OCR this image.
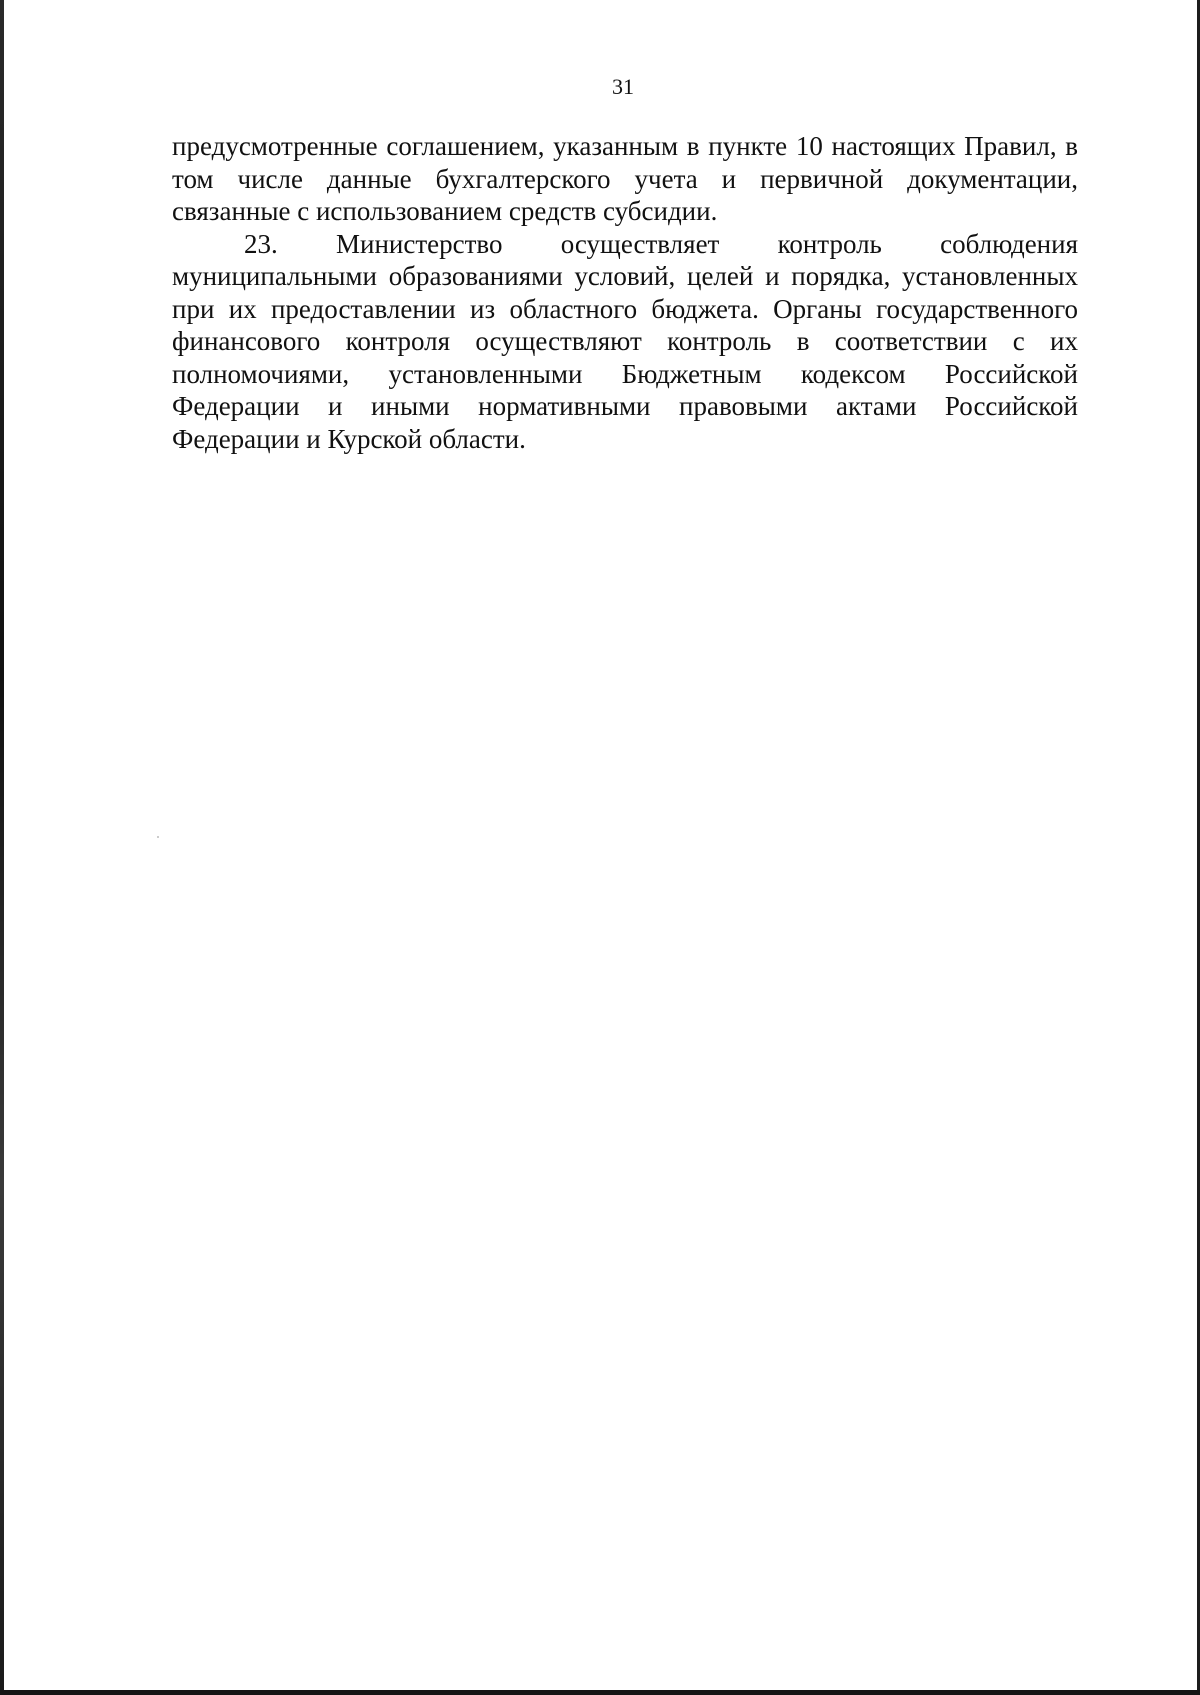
31

предусмотренные соглашением, указанным в пункте 10 настоящих Правил, в том числе данные бухгалтерского учета и первичной документации, связанные с использованием средств субсидии.

23. Министерство осуществляет контроль соблюдения муниципальными образованиями условий, целей и порядка, установленных при их предоставлении из областного бюджета. Органы государственного финансового контроля осуществляют контроль в соответствии с их полномочиями, установленными Бюджетным кодексом Российской Федерации и иными нормативными правовыми актами Российской Федерации и Курской области.
